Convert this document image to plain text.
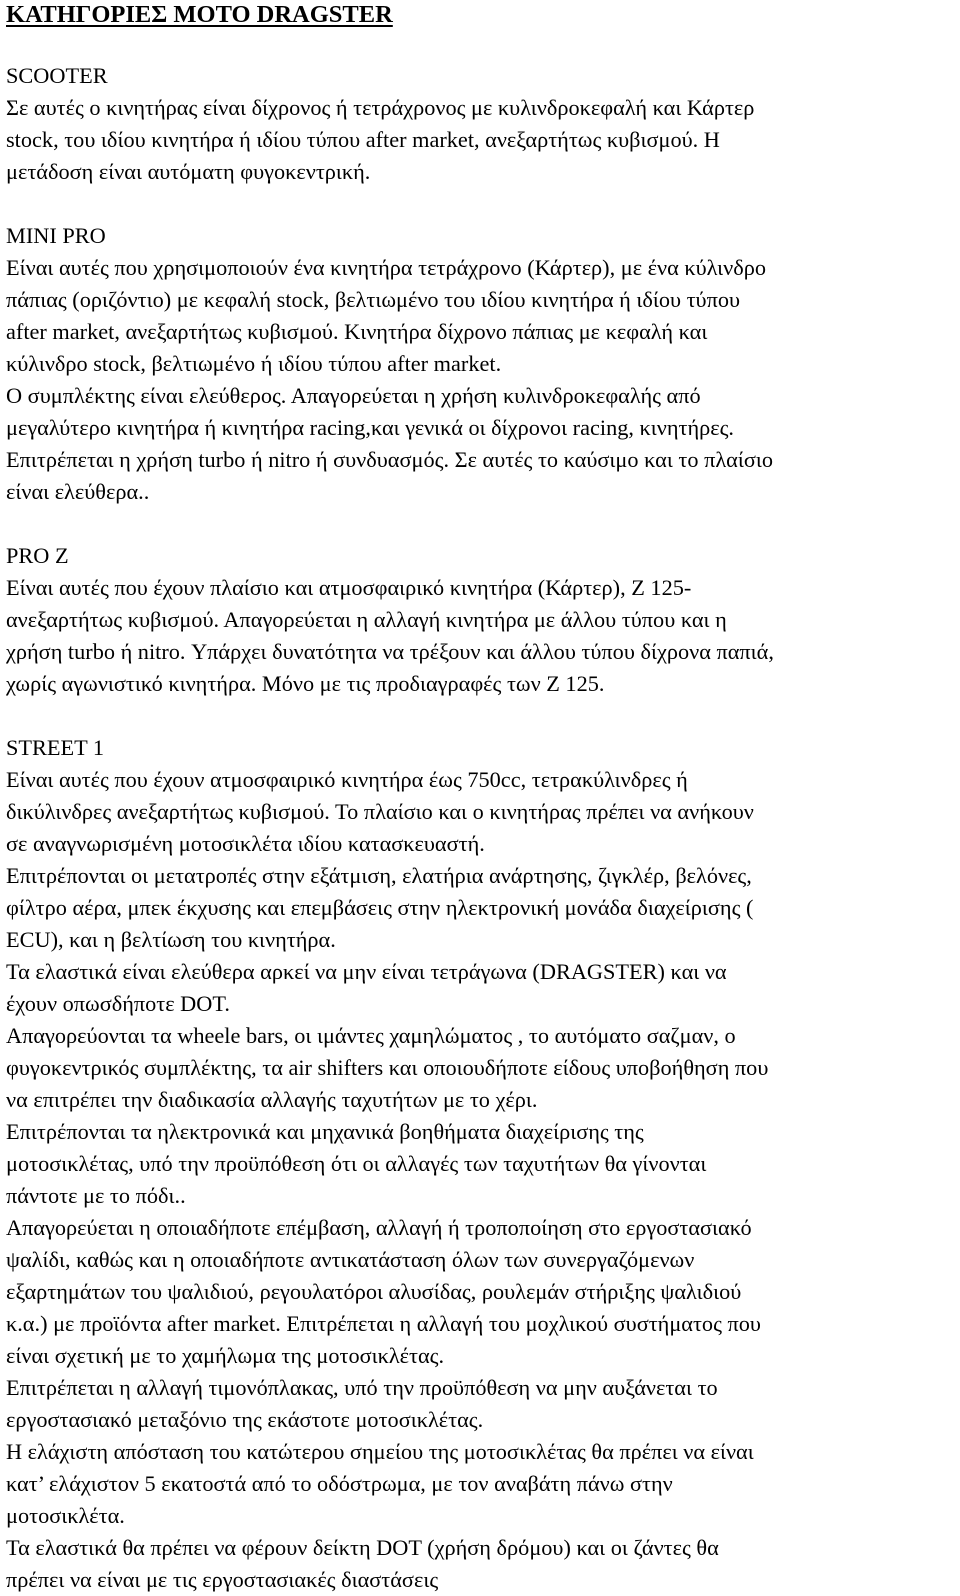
ΚΑΤΗΓΟΡΙΕΣ ΜΟΤΟ DRAGSTER
SCOOTER
Σε αυτές ο κινητήρας είναι δίχρονος ή τετράχρονος με κυλινδροκεφαλή και Κάρτερ
stock, του ιδίου κινητήρα ή ιδίου τύπου after market, ανεξαρτήτως κυβισμού. Η
μετάδοση είναι αυτόματη φυγοκεντρική.
MINI PRO
Είναι αυτές που χρησιμοποιούν ένα κινητήρα τετράχρονο (Κάρτερ), με ένα κύλινδρο
πάπιας (οριζόντιο) με κεφαλή stock, βελτιωμένο του ιδίου κινητήρα ή ιδίου τύπου
after market, ανεξαρτήτως κυβισμού. Κινητήρα δίχρονο πάπιας με κεφαλή και
κύλινδρο stock, βελτιωμένο ή ιδίου τύπου after market.
Ο συμπλέκτης είναι ελεύθερος. Απαγορεύεται η χρήση κυλινδροκεφαλής από
μεγαλύτερο κινητήρα ή κινητήρα racing,και γενικά οι δίχρονοι racing, κινητήρες.
Επιτρέπεται η χρήση turbo ή nitro ή συνδυασμός. Σε αυτές το καύσιμο και το πλαίσιο
είναι ελεύθερα..
PRO Z
Είναι αυτές που έχουν πλαίσιο και ατμοσφαιρικό κινητήρα (Κάρτερ), Z 125-
ανεξαρτήτως κυβισμού. Απαγορεύεται η αλλαγή κινητήρα με άλλου τύπου και η
χρήση turbo ή nitro. Υπάρχει δυνατότητα να τρέξουν και άλλου τύπου δίχρονα παπιά,
χωρίς αγωνιστικό κινητήρα. Μόνο με τις προδιαγραφές των Z 125.
STREET 1
Είναι αυτές που έχουν ατμοσφαιρικό κινητήρα έως 750cc, τετρακύλινδρες ή
δικύλινδρες ανεξαρτήτως κυβισμού. Το πλαίσιο και ο κινητήρας πρέπει να ανήκουν
σε αναγνωρισμένη μοτοσικλέτα ιδίου κατασκευαστή.
Επιτρέπονται οι μετατροπές στην εξάτμιση, ελατήρια ανάρτησης, ζιγκλέρ, βελόνες,
φίλτρο αέρα, μπεκ έκχυσης και επεμβάσεις στην ηλεκτρονική μονάδα διαχείρισης (
ECU), και η βελτίωση του κινητήρα.
Τα ελαστικά είναι ελεύθερα αρκεί να μην είναι τετράγωνα (DRAGSTER) και να
έχουν οπωσδήποτε DOT.
Απαγορεύονται τα wheele bars, οι ιμάντες χαμηλώματος , το αυτόματο σαζμαν, ο
φυγοκεντρικός συμπλέκτης, τα air shifters και οποιουδήποτε είδους υποβοήθηση που
να επιτρέπει την διαδικασία αλλαγής ταχυτήτων με το χέρι.
Επιτρέπονται τα ηλεκτρονικά και μηχανικά βοηθήματα διαχείρισης της
μοτοσικλέτας, υπό την προϋπόθεση ότι οι αλλαγές των ταχυτήτων θα γίνονται
πάντοτε με το πόδι..
Απαγορεύεται η οποιαδήποτε επέμβαση, αλλαγή ή τροποποίηση στο εργοστασιακό
ψαλίδι, καθώς και η οποιαδήποτε αντικατάσταση όλων των συνεργαζόμενων
εξαρτημάτων του ψαλιδιού, ρεγουλατόροι αλυσίδας, ρουλεμάν στήριξης ψαλιδιού
κ.α.) με προϊόντα after market. Επιτρέπεται η αλλαγή του μοχλικού συστήματος που
είναι σχετική με το χαμήλωμα της μοτοσικλέτας.
Επιτρέπεται η αλλαγή τιμονόπλακας, υπό την προϋπόθεση να μην αυξάνεται το
εργοστασιακό μεταξόνιο της εκάστοτε μοτοσικλέτας.
Η ελάχιστη απόσταση του κατώτερου σημείου της μοτοσικλέτας θα πρέπει να είναι
κατ’ ελάχιστον 5 εκατοστά από το οδόστρωμα, με τον αναβάτη πάνω στην
μοτοσικλέτα.
Τα ελαστικά θα πρέπει να φέρουν δείκτη DOT (χρήση δρόμου) και οι ζάντες θα
πρέπει να είναι με τις εργοστασιακές διαστάσεις
